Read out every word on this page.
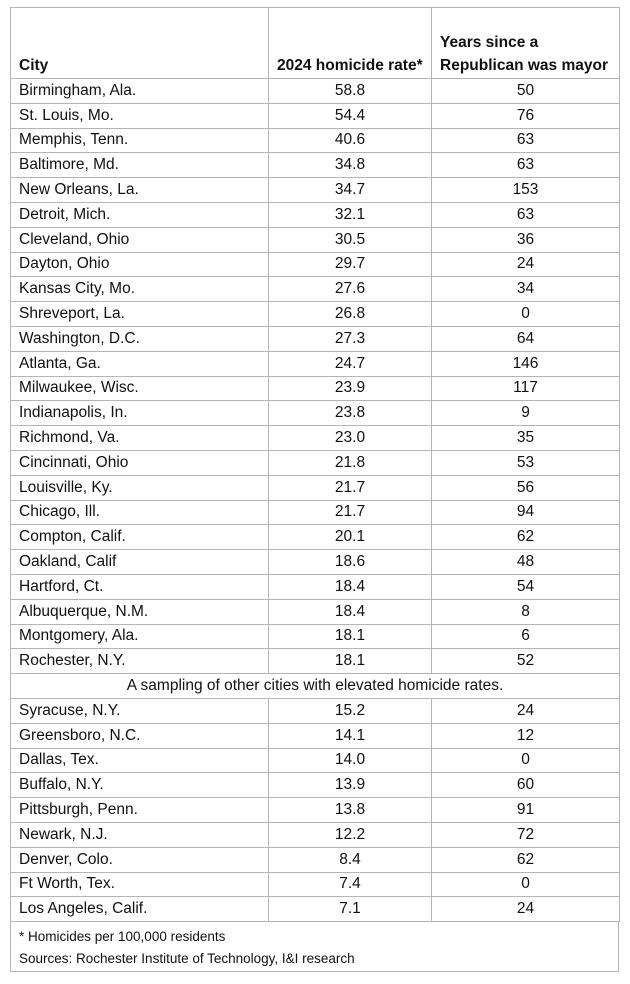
City	2024 homicide rate*	Years since a Republican was mayor
Birmingham, Ala.	58.8	50
St. Louis, Mo.	54.4	76
Memphis, Tenn.	40.6	63
Baltimore, Md.	34.8	63
New Orleans, La.	34.7	153
Detroit, Mich.	32.1	63
Cleveland, Ohio	30.5	36
Dayton, Ohio	29.7	24
Kansas City, Mo.	27.6	34
Shreveport, La.	26.8	0
Washington, D.C.	27.3	64
Atlanta, Ga.	24.7	146
Milwaukee, Wisc.	23.9	117
Indianapolis, In.	23.8	9
Richmond, Va.	23.0	35
Cincinnati, Ohio	21.8	53
Louisville, Ky.	21.7	56
Chicago, Ill.	21.7	94
Compton, Calif.	20.1	62
Oakland, Calif	18.6	48
Hartford, Ct.	18.4	54
Albuquerque, N.M.	18.4	8
Montgomery, Ala.	18.1	6
Rochester, N.Y.	18.1	52
A sampling of other cities with elevated homicide rates.		
Syracuse, N.Y.	15.2	24
Greensboro, N.C.	14.1	12
Dallas, Tex.	14.0	0
Buffalo, N.Y.	13.9	60
Pittsburgh, Penn.	13.8	91
Newark, N.J.	12.2	72
Denver, Colo.	8.4	62
Ft Worth, Tex.	7.4	0
Los Angeles, Calif.	7.1	24
* Homicides per 100,000 residents
Sources: Rochester Institute of Technology, I&I research
